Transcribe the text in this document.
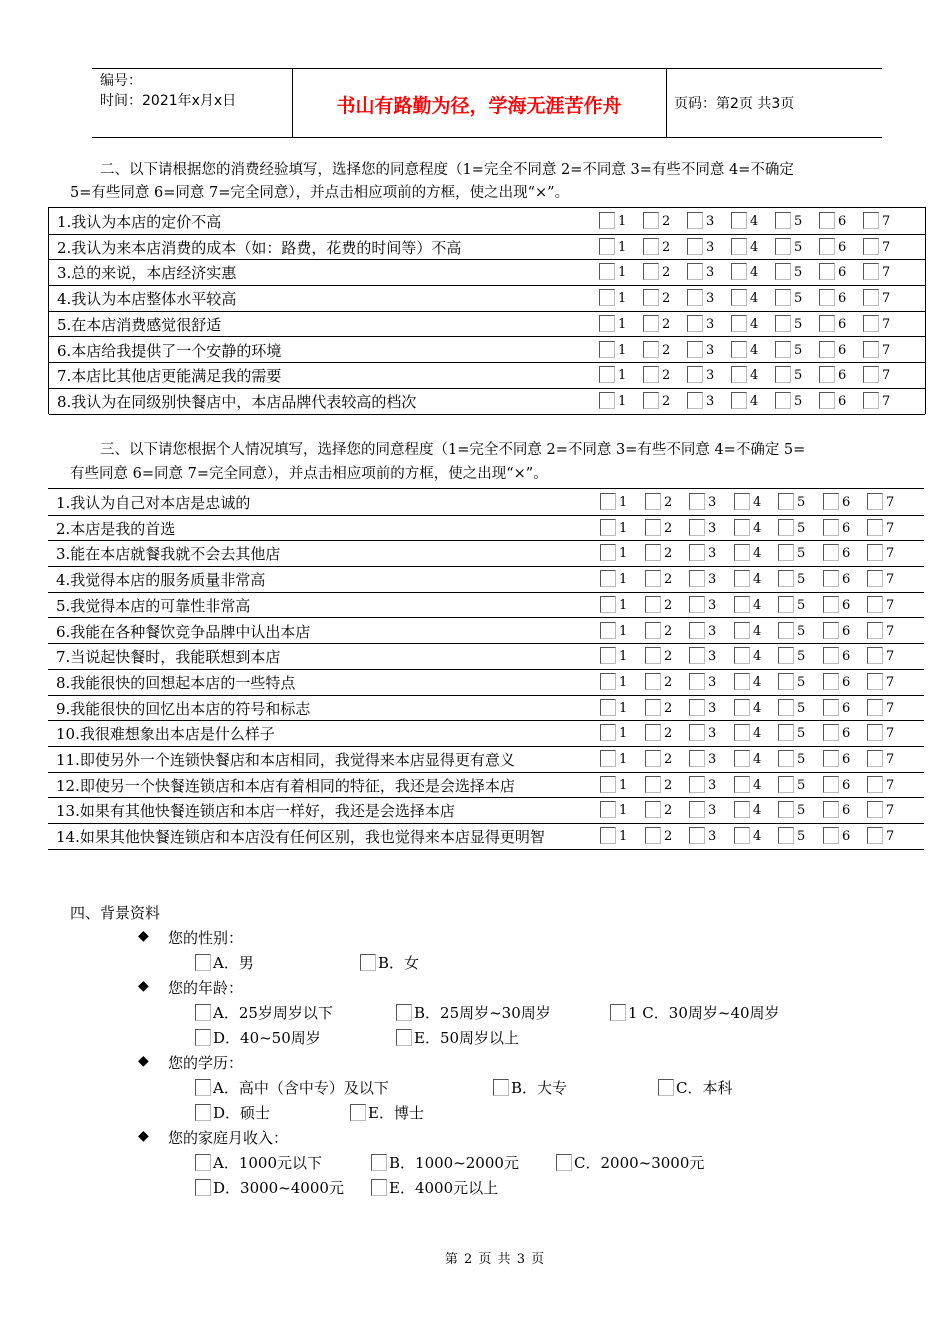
编号：
时间：2021年x月x日	书山有路勤为径，学海无涯苦作舟	页码：第2页 共3页
二、以下请根据您的消费经验填写，选择您的同意程度（1=完全不同意 2=不同意 3=有些不同意 4=不确定
5=有些同意 6=同意 7=完全同意），并点击相应项前的方框，使之出现“×”。
1.我认为本店的定价不高	1	2	3	4	5	6	7
2.我认为来本店消费的成本（如：路费，花费的时间等）不高	1	2	3	4	5	6	7
3.总的来说，本店经济实惠	1	2	3	4	5	6	7
4.我认为本店整体水平较高	1	2	3	4	5	6	7
5.在本店消费感觉很舒适	1	2	3	4	5	6	7
6.本店给我提供了一个安静的环境	1	2	3	4	5	6	7
7.本店比其他店更能满足我的需要	1	2	3	4	5	6	7
8.我认为在同级别快餐店中，本店品牌代表较高的档次	1	2	3	4	5	6	7
三、以下请您根据个人情况填写，选择您的同意程度（1=完全不同意 2=不同意 3=有些不同意 4=不确定 5=
有些同意 6=同意 7=完全同意），并点击相应项前的方框，使之出现“×”。
1.我认为自己对本店是忠诚的	1	2	3	4	5	6	7
2.本店是我的首选	1	2	3	4	5	6	7
3.能在本店就餐我就不会去其他店	1	2	3	4	5	6	7
4.我觉得本店的服务质量非常高	1	2	3	4	5	6	7
5.我觉得本店的可靠性非常高	1	2	3	4	5	6	7
6.我能在各种餐饮竞争品牌中认出本店	1	2	3	4	5	6	7
7.当说起快餐时，我能联想到本店	1	2	3	4	5	6	7
8.我能很快的回想起本店的一些特点	1	2	3	4	5	6	7
9.我能很快的回忆出本店的符号和标志	1	2	3	4	5	6	7
10.我很难想象出本店是什么样子	1	2	3	4	5	6	7
11.即使另外一个连锁快餐店和本店相同，我觉得来本店显得更有意义	1	2	3	4	5	6	7
12.即使另一个快餐连锁店和本店有着相同的特征，我还是会选择本店	1	2	3	4	5	6	7
13.如果有其他快餐连锁店和本店一样好，我还是会选择本店	1	2	3	4	5	6	7
14.如果其他快餐连锁店和本店没有任何区别，我也觉得来本店显得更明智	1	2	3	4	5	6	7
四、背景资料
◆ 您的性别：
A．男	B．女
◆ 您的年龄：
A．25岁周岁以下	B．25周岁~30周岁	1 C．30周岁~40周岁
D．40~50周岁	E．50周岁以上
◆ 您的学历：
A．高中（含中专）及以下	B．大专	C．本科
D．硕士	E．博士
◆ 您的家庭月收入：
A．1000元以下	B．1000~2000元	C．2000~3000元
D．3000~4000元	E．4000元以上
第 2 页 共 3 页
